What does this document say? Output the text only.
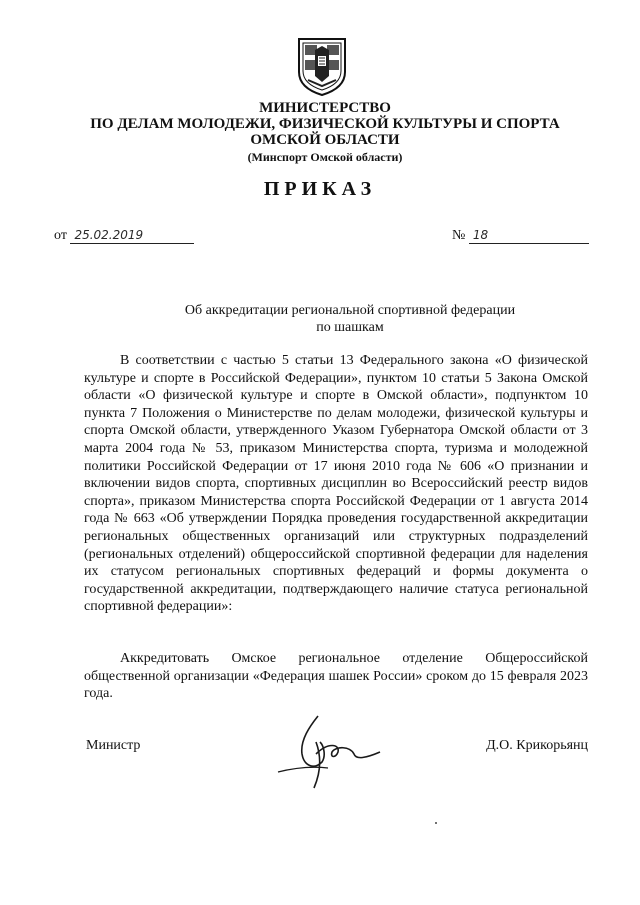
МИНИСТЕРСТВО
ПО ДЕЛАМ МОЛОДЕЖИ, ФИЗИЧЕСКОЙ КУЛЬТУРЫ И СПОРТА
ОМСКОЙ ОБЛАСТИ
(Минспорт Омской области)
ПРИКАЗ
от 25.02.2019	№ 18
Об аккредитации региональной спортивной федерации
по шашкам

В соответствии с частью 5 статьи 13 Федерального закона «О физической культуре и спорте в Российской Федерации», пунктом 10 статьи 5 Закона Омской области «О физической культуре и спорте в Омской области», подпунктом 10 пункта 7 Положения о Министерстве по делам молодежи, физической культуры и спорта Омской области, утвержденного Указом Губернатора Омской области от 3 марта 2004 года № 53, приказом Министерства спорта, туризма и молодежной политики Российской Федерации от 17 июня 2010 года № 606 «О признании и включении видов спорта, спортивных дисциплин во Всероссийский реестр видов спорта», приказом Министерства спорта Российской Федерации от 1 августа 2014 года № 663 «Об утверждении Порядка проведения государственной аккредитации региональных общественных организаций или структурных подразделений (региональных отделений) общероссийской спортивной федерации для наделения их статусом региональных спортивных федераций и формы документа о государственной аккредитации, подтверждающего наличие статуса региональной спортивной федерации»:

Аккредитовать Омское региональное отделение Общероссийской общественной организации «Федерация шашек России» сроком до 15 февраля 2023 года.

Министр	Д.О. Крикорьянц
